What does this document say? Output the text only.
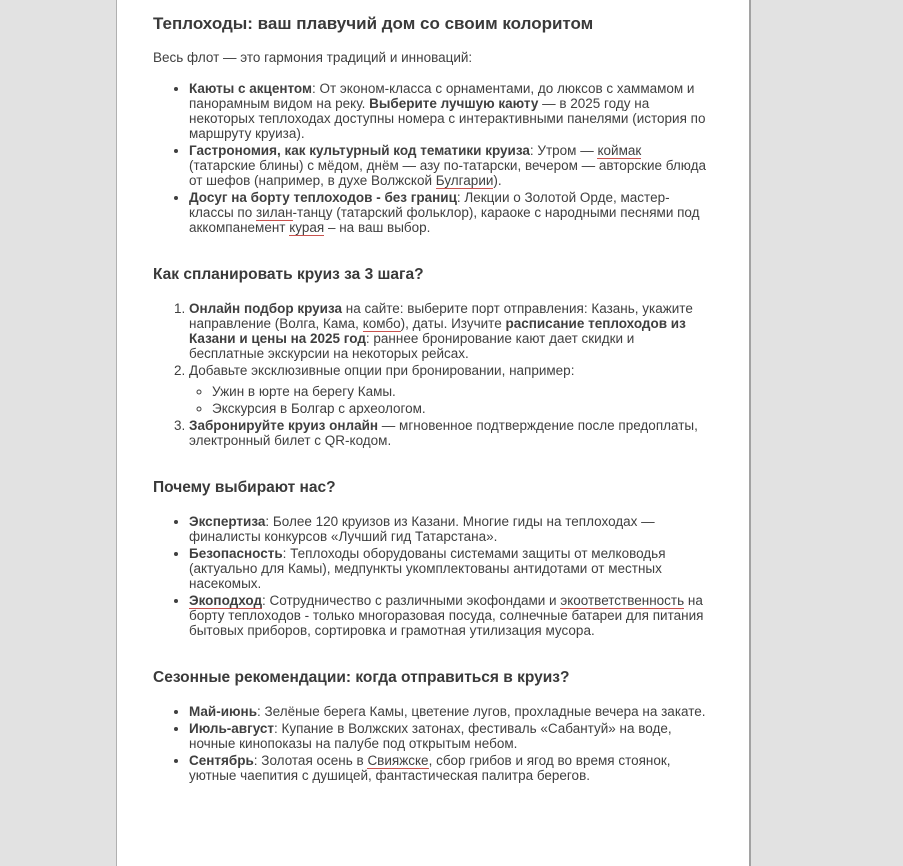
Теплоходы: ваш плавучий дом со своим колоритом

Весь флот — это гармония традиций и инноваций:

• Каюты с акцентом: От эконом-класса с орнаментами, до люксов с хаммамом и панорамным видом на реку. Выберите лучшую каюту — в 2025 году на некоторых теплоходах доступны номера с интерактивными панелями (история по маршруту круиза).
• Гастрономия, как культурный код тематики круиза: Утром — коймак (татарские блины) с мёдом, днём — азу по-татарски, вечером — авторские блюда от шефов (например, в духе Волжской Булгарии).
• Досуг на борту теплоходов - без границ: Лекции о Золотой Орде, мастер-классы по зилан-танцу (татарский фольклор), караоке с народными песнями под аккомпанемент курая – на ваш выбор.
Как спланировать круиз за 3 шага?
1. Онлайн подбор круиза на сайте: выберите порт отправления: Казань, укажите направление (Волга, Кама, комбо), даты. Изучите расписание теплоходов из Казани и цены на 2025 год: раннее бронирование кают дает скидки и бесплатные экскурсии на некоторых рейсах.
2. Добавьте эксклюзивные опции при бронировании, например:
◦ Ужин в юрте на берегу Камы.
◦ Экскурсия в Болгар с археологом.
3. Забронируйте круиз онлайн — мгновенное подтверждение после предоплаты, электронный билет с QR-кодом.
Почему выбирают нас?
• Экспертиза: Более 120 круизов из Казани. Многие гиды на теплоходах — финалисты конкурсов «Лучший гид Татарстана».
• Безопасность: Теплоходы оборудованы системами защиты от мелководья (актуально для Камы), медпункты укомплектованы антидотами от местных насекомых.
• Экоподход: Сотрудничество с различными экофондами и экоответственность на борту теплоходов - только многоразовая посуда, солнечные батареи для питания бытовых приборов, сортировка и грамотная утилизация мусора.
Сезонные рекомендации: когда отправиться в круиз?
• Май-июнь: Зелёные берега Камы, цветение лугов, прохладные вечера на закате.
• Июль-август: Купание в Волжских затонах, фестиваль «Сабантуй» на воде, ночные кинопоказы на палубе под открытым небом.
• Сентябрь: Золотая осень в Свияжске, сбор грибов и ягод во время стоянок, уютные чаепития с душицей, фантастическая палитра берегов.
